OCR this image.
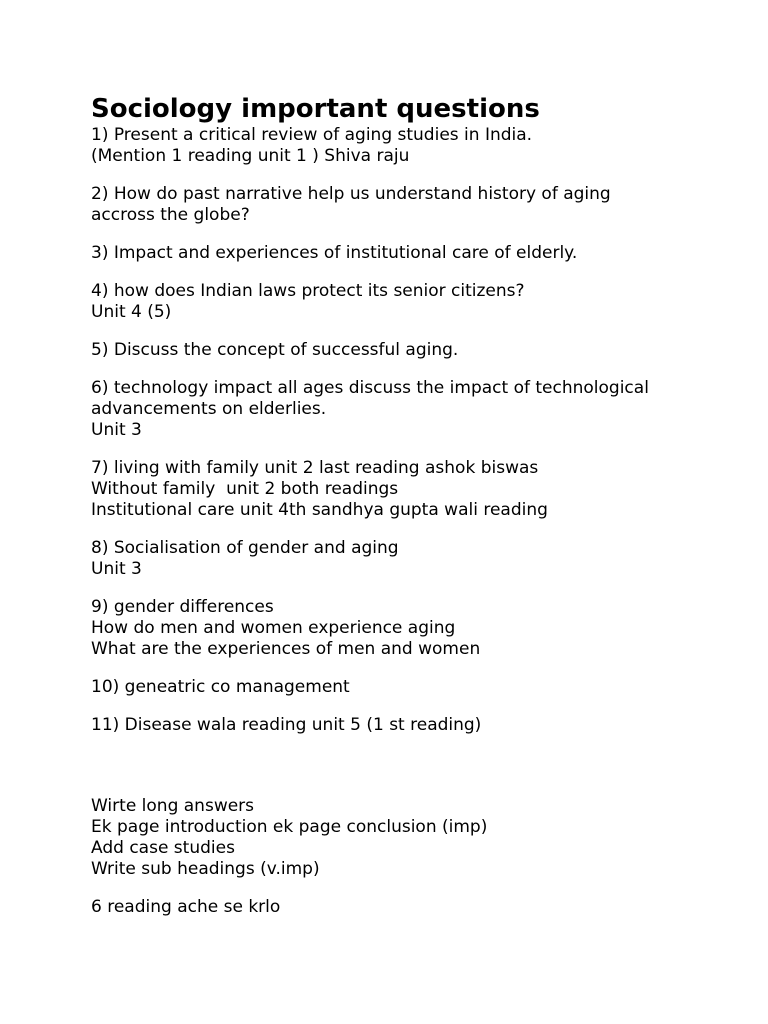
Sociology important questions
1) Present a critical review of aging studies in India.
(Mention 1 reading unit 1 ) Shiva raju
2) How do past narrative help us understand history of aging
accross the globe?
3) Impact and experiences of institutional care of elderly.
4) how does Indian laws protect its senior citizens?
Unit 4 (5)
5) Discuss the concept of successful aging.
6) technology impact all ages discuss the impact of technological
advancements on elderlies.
Unit 3
7) living with family unit 2 last reading ashok biswas
Without family  unit 2 both readings
Institutional care unit 4th sandhya gupta wali reading
8) Socialisation of gender and aging
Unit 3
9) gender differences
How do men and women experience aging
What are the experiences of men and women
10) geneatric co management
11) Disease wala reading unit 5 (1 st reading)
Wirte long answers
Ek page introduction ek page conclusion (imp)
Add case studies
Write sub headings (v.imp)
6 reading ache se krlo
